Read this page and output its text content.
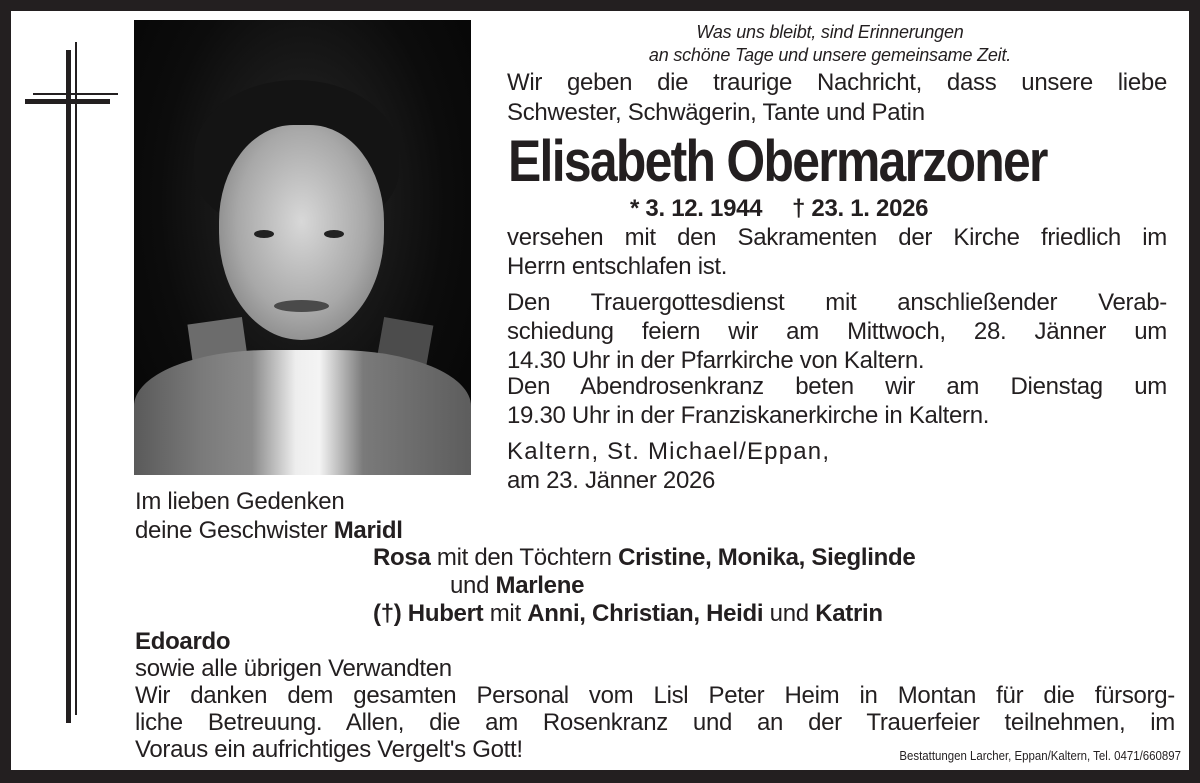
Was uns bleibt, sind Erinnerungen
an schöne Tage und unsere gemeinsame Zeit.
Wir geben die traurige Nachricht, dass unsere liebe
Schwester, Schwägerin, Tante und Patin
Elisabeth Obermarzoner
* 3. 12. 1944 † 23. 1. 2026
versehen mit den Sakramenten der Kirche friedlich im
Herrn entschlafen ist.
Den Trauergottesdienst mit anschließender Verab-
schiedung feiern wir am Mittwoch, 28. Jänner um
14.30 Uhr in der Pfarrkirche von Kaltern.
Den Abendrosenkranz beten wir am Dienstag um
19.30 Uhr in der Franziskanerkirche in Kaltern.
Kaltern, St. Michael/Eppan,
am 23. Jänner 2026
Im lieben Gedenken
deine Geschwister Maridl
Rosa mit den Töchtern Cristine, Monika, Sieglinde
und Marlene
(†) Hubert mit Anni, Christian, Heidi und Katrin
Edoardo
sowie alle übrigen Verwandten
Wir danken dem gesamten Personal vom Lisl Peter Heim in Montan für die fürsorg-
liche Betreuung. Allen, die am Rosenkranz und an der Trauerfeier teilnehmen, im
Voraus ein aufrichtiges Vergelt's Gott!	Bestattungen Larcher, Eppan/Kaltern, Tel. 0471/660897
